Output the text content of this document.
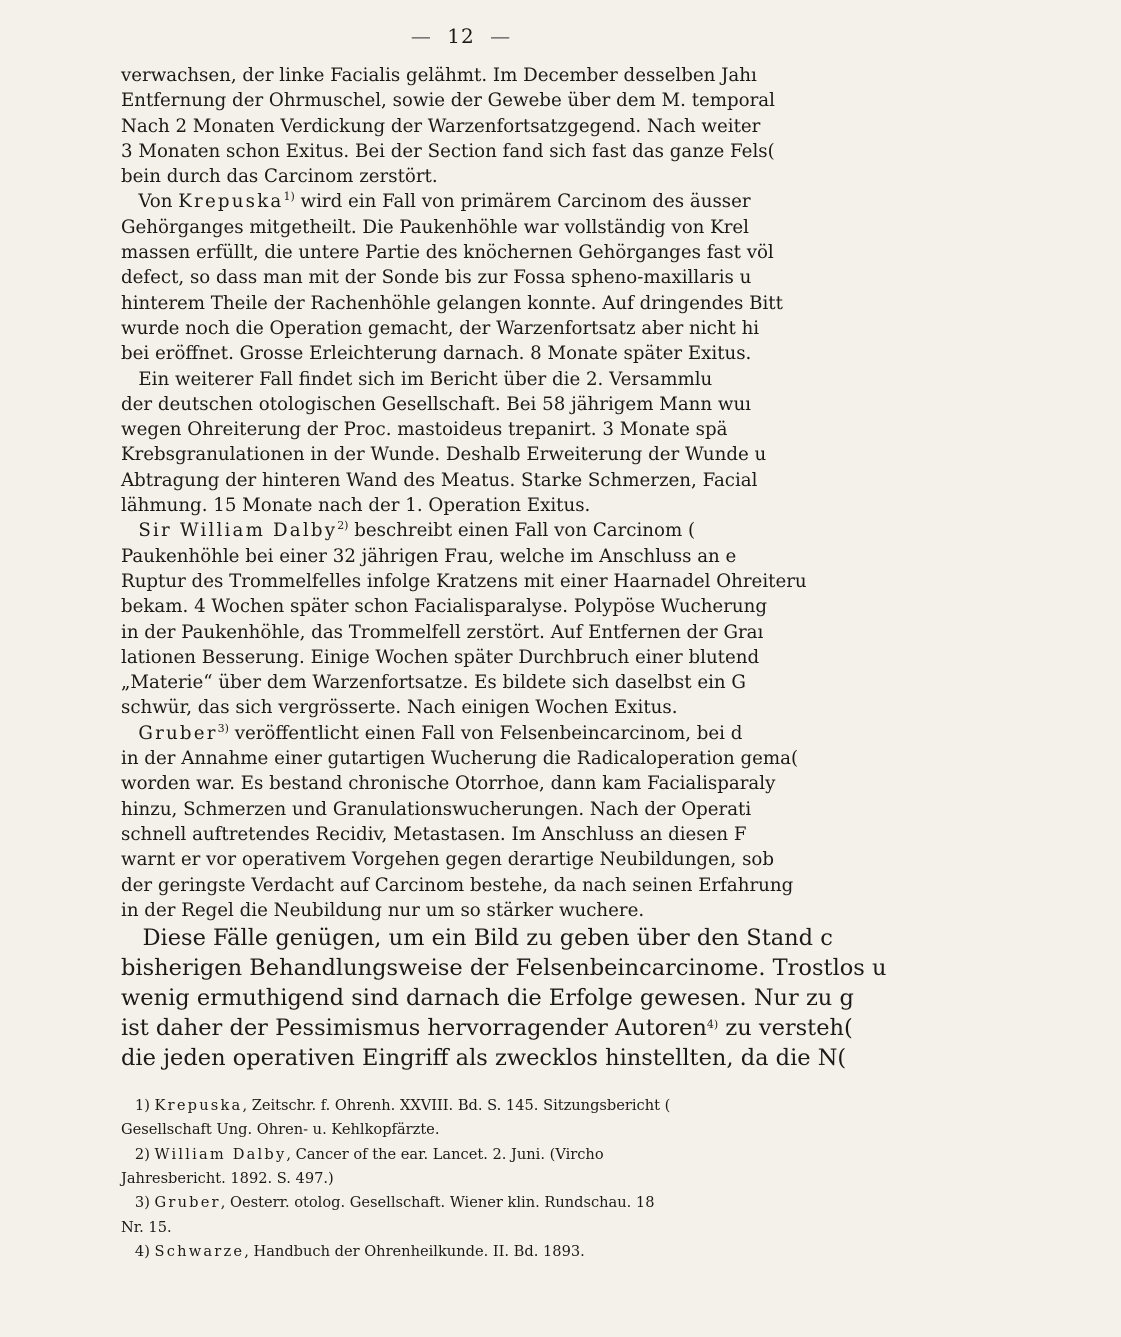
— 12 —
verwachsen, der linke Facialis gelähmt. Im December desselben Jahı
Entfernung der Ohrmuschel, sowie der Gewebe über dem M. temporal
Nach 2 Monaten Verdickung der Warzenfortsatzgegend. Nach weiter
3 Monaten schon Exitus. Bei der Section fand sich fast das ganze Fels(
bein durch das Carcinom zerstört.
Von Krepuska$^{1)}$ wird ein Fall von primärem Carcinom des äusser
Gehörganges mitgetheilt. Die Paukenhöhle war vollständig von Krel
massen erfüllt, die untere Partie des knöchernen Gehörganges fast völ
defect, so dass man mit der Sonde bis zur Fossa spheno-maxillaris u
hinterem Theile der Rachenhöhle gelangen konnte. Auf dringendes Bitt
wurde noch die Operation gemacht, der Warzenfortsatz aber nicht hi
bei eröffnet. Grosse Erleichterung darnach. 8 Monate später Exitus.
Ein weiterer Fall findet sich im Bericht über die 2. Versammlu
der deutschen otologischen Gesellschaft. Bei 58 jährigem Mann wuı
wegen Ohreiterung der Proc. mastoideus trepanirt. 3 Monate spä
Krebsgranulationen in der Wunde. Deshalb Erweiterung der Wunde u
Abtragung der hinteren Wand des Meatus. Starke Schmerzen, Facial
lähmung. 15 Monate nach der 1. Operation Exitus.
Sir William Dalby$^{2)}$ beschreibt einen Fall von Carcinom (
Paukenhöhle bei einer 32 jährigen Frau, welche im Anschluss an e
Ruptur des Trommelfelles infolge Kratzens mit einer Haarnadel Ohreiteru
bekam. 4 Wochen später schon Facialisparalyse. Polypöse Wucherung
in der Paukenhöhle, das Trommelfell zerstört. Auf Entfernen der Graı
lationen Besserung. Einige Wochen später Durchbruch einer blutend
„Materie“ über dem Warzenfortsatze. Es bildete sich daselbst ein G
schwür, das sich vergrösserte. Nach einigen Wochen Exitus.
Gruber$^{3)}$ veröffentlicht einen Fall von Felsenbeincarcinom, bei d
in der Annahme einer gutartigen Wucherung die Radicaloperation gema(
worden war. Es bestand chronische Otorrhoe, dann kam Facialisparaly
hinzu, Schmerzen und Granulationswucherungen. Nach der Operati
schnell auftretendes Recidiv, Metastasen. Im Anschluss an diesen F
warnt er vor operativem Vorgehen gegen derartige Neubildungen, sob
der geringste Verdacht auf Carcinom bestehe, da nach seinen Erfahrung
in der Regel die Neubildung nur um so stärker wuchere.
Diese Fälle genügen, um ein Bild zu geben über den Stand c
bisherigen Behandlungsweise der Felsenbeincarcinome. Trostlos u
wenig ermuthigend sind darnach die Erfolge gewesen. Nur zu g
ist daher der Pessimismus hervorragender Autoren$^{4)}$ zu versteh(
die jeden operativen Eingriff als zwecklos hinstellten, da die N(
1) Krepuska, Zeitschr. f. Ohrenh. XXVIII. Bd. S. 145. Sitzungsbericht (
Gesellschaft Ung. Ohren- u. Kehlkopfärzte.
2) William Dalby, Cancer of the ear. Lancet. 2. Juni. (Vircho
Jahresbericht. 1892. S. 497.)
3) Gruber, Oesterr. otolog. Gesellschaft. Wiener klin. Rundschau. 18
Nr. 15.
4) Schwarze, Handbuch der Ohrenheilkunde. II. Bd. 1893.
